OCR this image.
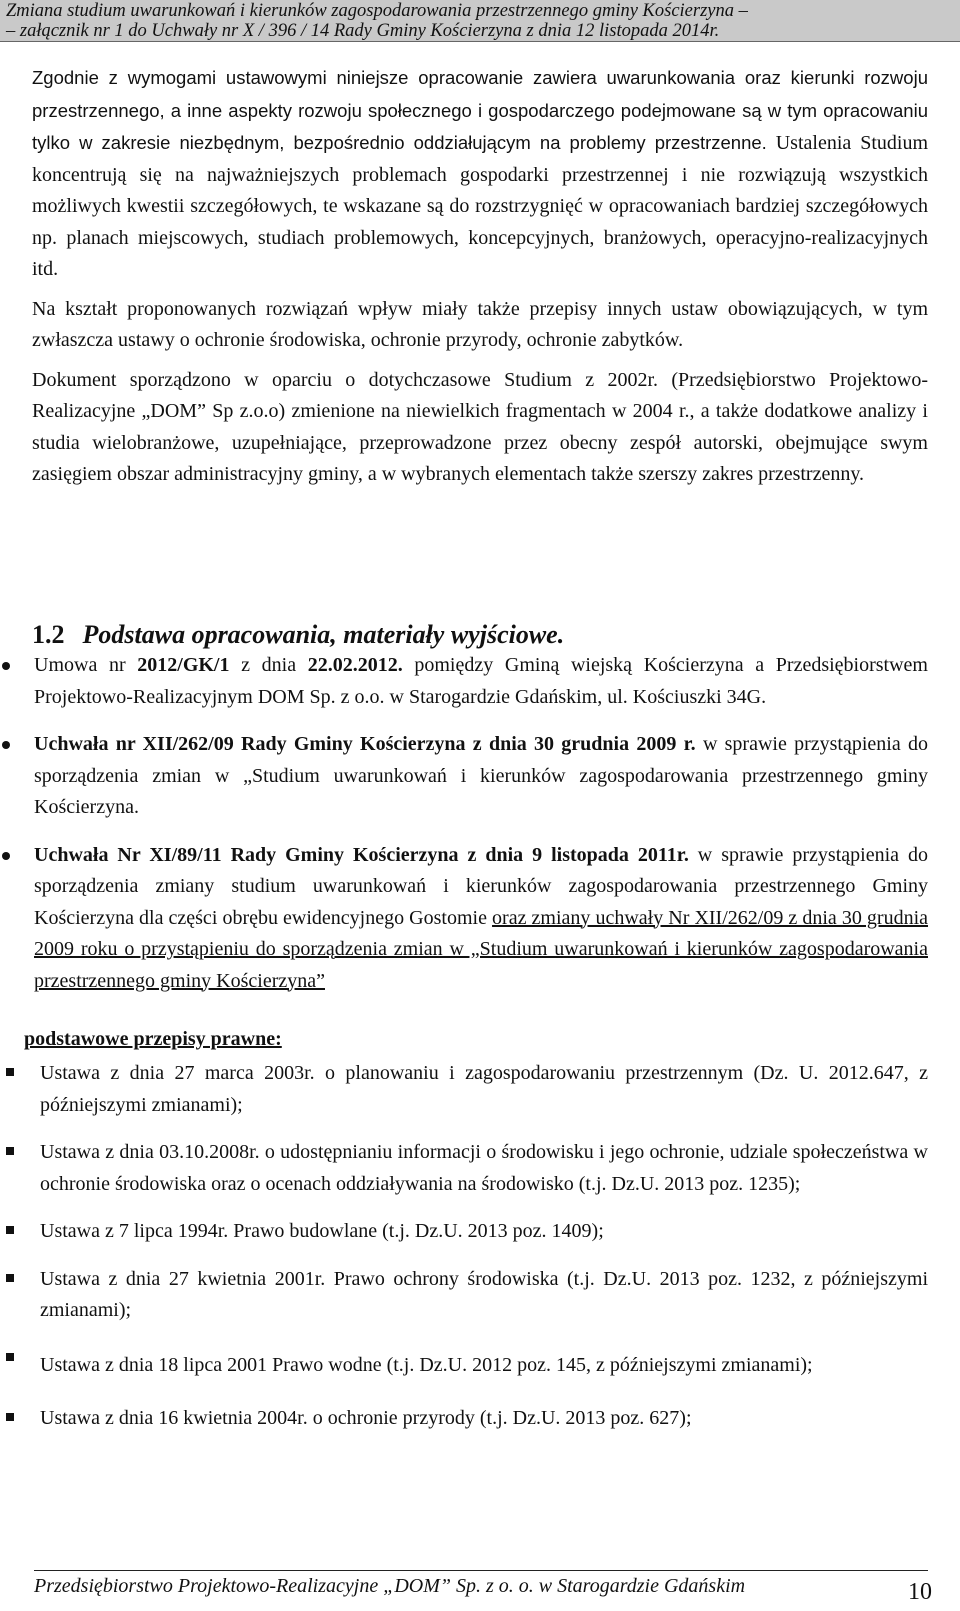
Zmiana studium uwarunkowań i kierunków zagospodarowania przestrzennego gminy Kościerzyna –
– załącznik nr 1 do Uchwały nr X / 396 / 14 Rady Gminy Kościerzyna z dnia 12 listopada 2014r.

Zgodnie z wymogami ustawowymi niniejsze opracowanie zawiera uwarunkowania oraz kierunki rozwoju przestrzennego, a inne aspekty rozwoju społecznego i gospodarczego podejmowane są w tym opracowaniu tylko w zakresie niezbędnym, bezpośrednio oddziałującym na problemy przestrzenne. Ustalenia Studium koncentrują się na najważniejszych problemach gospodarki przestrzennej i nie rozwiązują wszystkich możliwych kwestii szczegółowych, te wskazane są do rozstrzygnięć w opracowaniach bardziej szczegółowych np. planach miejscowych, studiach problemowych, koncepcyjnych, branżowych, operacyjno-realizacyjnych itd.

Na kształt proponowanych rozwiązań wpływ miały także przepisy innych ustaw obowiązujących, w tym zwłaszcza ustawy o ochronie środowiska, ochronie przyrody, ochronie zabytków.

Dokument sporządzono w oparciu o dotychczasowe Studium z 2002r. (Przedsiębiorstwo Projektowo-Realizacyjne „DOM” Sp z.o.o) zmienione na niewielkich fragmentach w 2004 r., a także dodatkowe analizy i studia wielobranżowe, uzupełniające, przeprowadzone przez obecny zespół autorski, obejmujące swym zasięgiem obszar administracyjny gminy, a w wybranych elementach także szerszy zakres przestrzenny.

1.2 Podstawa opracowania, materiały wyjściowe.

Umowa nr 2012/GK/1 z dnia 22.02.2012. pomiędzy Gminą wiejską Kościerzyna a Przedsiębiorstwem Projektowo-Realizacyjnym DOM Sp. z o.o. w Starogardzie Gdańskim, ul. Kościuszki 34G.

Uchwała nr XII/262/09 Rady Gminy Kościerzyna z dnia 30 grudnia 2009 r. w sprawie przystąpienia do sporządzenia zmian w „Studium uwarunkowań i kierunków zagospodarowania przestrzennego gminy Kościerzyna.

Uchwała Nr XI/89/11 Rady Gminy Kościerzyna z dnia 9 listopada 2011r. w sprawie przystąpienia do sporządzenia zmiany studium uwarunkowań i kierunków zagospodarowania przestrzennego Gminy Kościerzyna dla części obrębu ewidencyjnego Gostomie oraz zmiany uchwały Nr XII/262/09 z dnia 30 grudnia 2009 roku o przystąpieniu do sporządzenia zmian w „Studium uwarunkowań i kierunków zagospodarowania przestrzennego gminy Kościerzyna”

podstawowe przepisy prawne:

Ustawa z dnia 27 marca 2003r. o planowaniu i zagospodarowaniu przestrzennym (Dz. U. 2012.647, z późniejszymi zmianami);

Ustawa z dnia 03.10.2008r. o udostępnianiu informacji o środowisku i jego ochronie, udziale społeczeństwa w ochronie środowiska oraz o ocenach oddziaływania na środowisko (t.j. Dz.U. 2013 poz. 1235);

Ustawa z 7 lipca 1994r. Prawo budowlane (t.j. Dz.U. 2013 poz. 1409);

Ustawa z dnia 27 kwietnia 2001r. Prawo ochrony środowiska (t.j. Dz.U. 2013 poz. 1232, z późniejszymi zmianami);

Ustawa z dnia 18 lipca 2001 Prawo wodne (t.j. Dz.U. 2012 poz. 145, z późniejszymi zmianami);

Ustawa z dnia 16 kwietnia 2004r. o ochronie przyrody (t.j. Dz.U. 2013 poz. 627);

Przedsiębiorstwo Projektowo-Realizacyjne „DOM” Sp. z o. o. w Starogardzie Gdańskim	10
